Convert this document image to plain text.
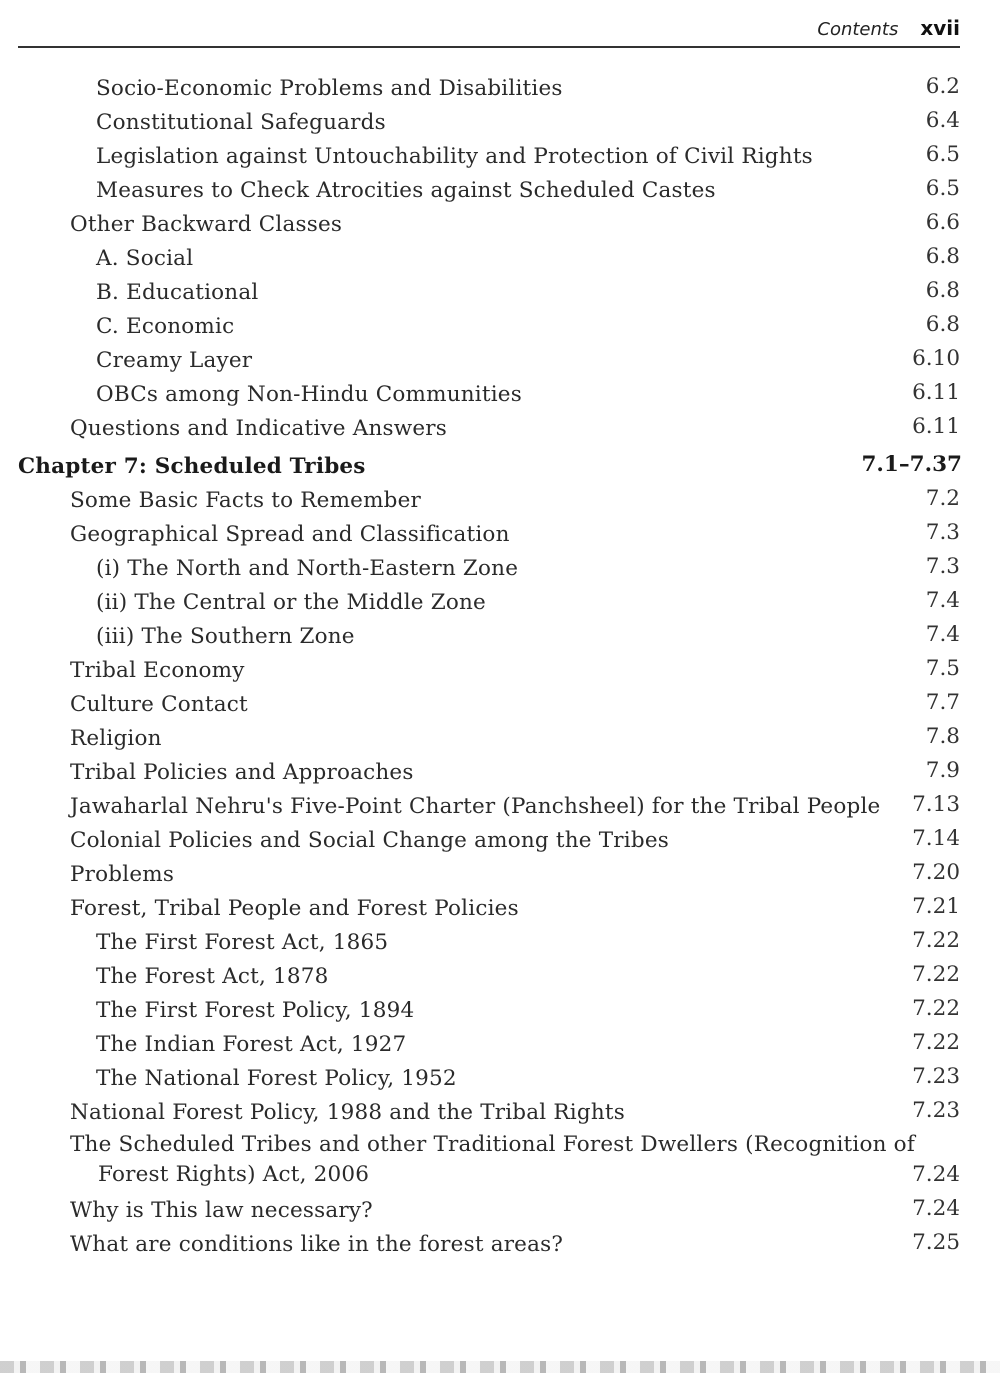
Contents xvii
Socio-Economic Problems and Disabilities	6.2
Constitutional Safeguards	6.4
Legislation against Untouchability and Protection of Civil Rights	6.5
Measures to Check Atrocities against Scheduled Castes	6.5
Other Backward Classes	6.6
A. Social	6.8
B. Educational	6.8
C. Economic	6.8
Creamy Layer	6.10
OBCs among Non-Hindu Communities	6.11
Questions and Indicative Answers	6.11
Chapter 7: Scheduled Tribes	7.1–7.37
Some Basic Facts to Remember	7.2
Geographical Spread and Classification	7.3
(i) The North and North-Eastern Zone	7.3
(ii) The Central or the Middle Zone	7.4
(iii) The Southern Zone	7.4
Tribal Economy	7.5
Culture Contact	7.7
Religion	7.8
Tribal Policies and Approaches	7.9
Jawaharlal Nehru's Five-Point Charter (Panchsheel) for the Tribal People 7.13
Colonial Policies and Social Change among the Tribes	7.14
Problems	7.20
Forest, Tribal People and Forest Policies	7.21
The First Forest Act, 1865	7.22
The Forest Act, 1878	7.22
The First Forest Policy, 1894	7.22
The Indian Forest Act, 1927	7.22
The National Forest Policy, 1952	7.23
National Forest Policy, 1988 and the Tribal Rights	7.23
The Scheduled Tribes and other Traditional Forest Dwellers (Recognition of
Forest Rights) Act, 2006	7.24
Why is This law necessary?	7.24
What are conditions like in the forest areas?	7.25
